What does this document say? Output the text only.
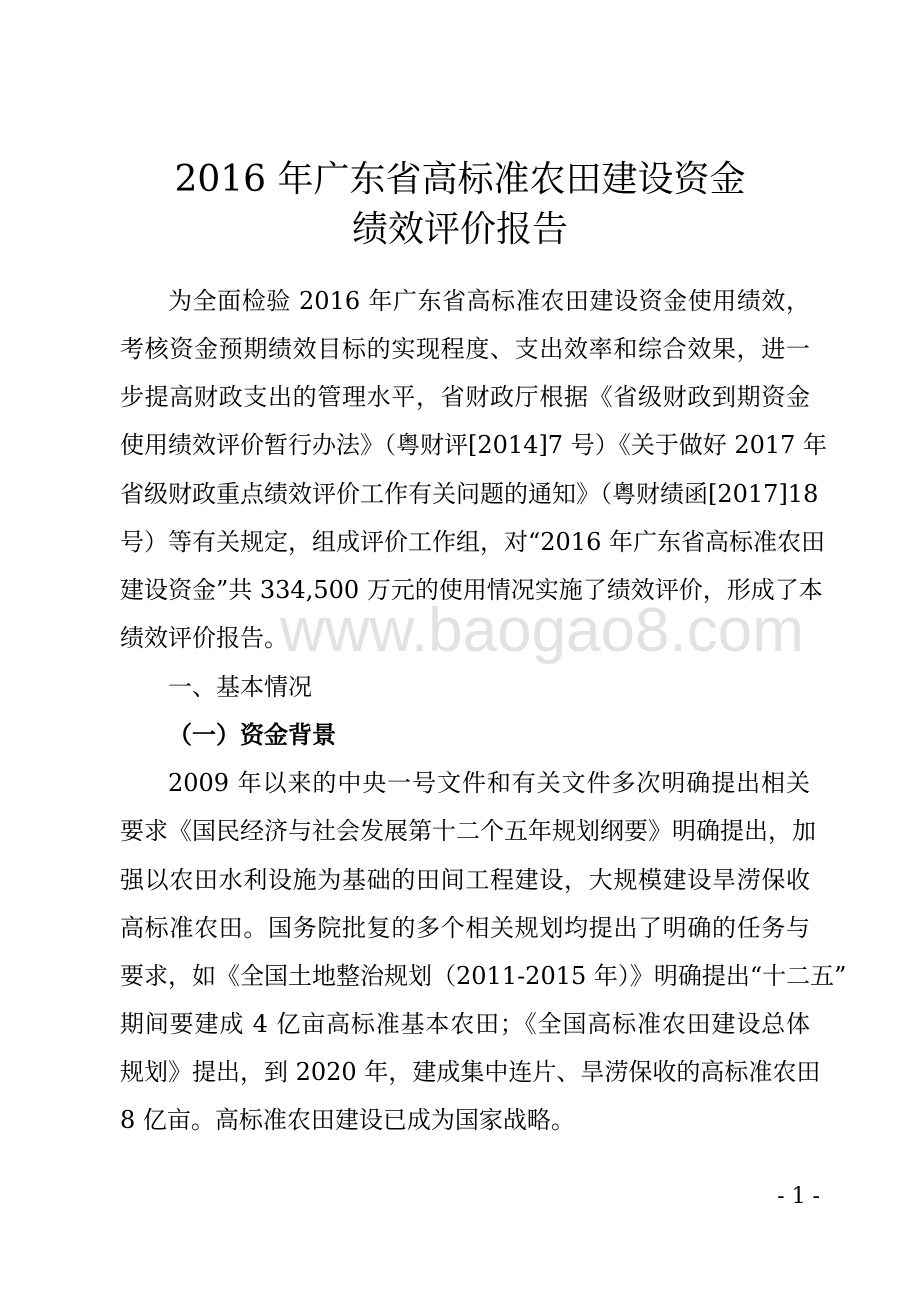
2016 年广东省高标准农田建设资金
绩效评价报告
为全面检验 2016 年广东省高标准农田建设资金使用绩效，
考核资金预期绩效目标的实现程度、支出效率和综合效果，进一
步提高财政支出的管理水平，省财政厅根据《省级财政到期资金
使用绩效评价暂行办法》（粤财评[2014]7 号）《关于做好 2017 年
省级财政重点绩效评价工作有关问题的通知》（粤财绩函[2017]18
号）等有关规定，组成评价工作组，对“2016 年广东省高标准农田
建设资金”共 334,500 万元的使用情况实施了绩效评价，形成了本
绩效评价报告。
www.baogao8.com
一、基本情况
（一）资金背景
2009 年以来的中央一号文件和有关文件多次明确提出相关
要求《国民经济与社会发展第十二个五年规划纲要》明确提出，加
强以农田水利设施为基础的田间工程建设，大规模建设旱涝保收
高标准农田。国务院批复的多个相关规划均提出了明确的任务与
要求，如《全国土地整治规划（2011-2015 年）》明确提出“十二五”
期间要建成 4 亿亩高标准基本农田；《全国高标准农田建设总体
规划》提出，到 2020 年，建成集中连片、旱涝保收的高标准农田
8 亿亩。高标准农田建设已成为国家战略。
- 1 -
